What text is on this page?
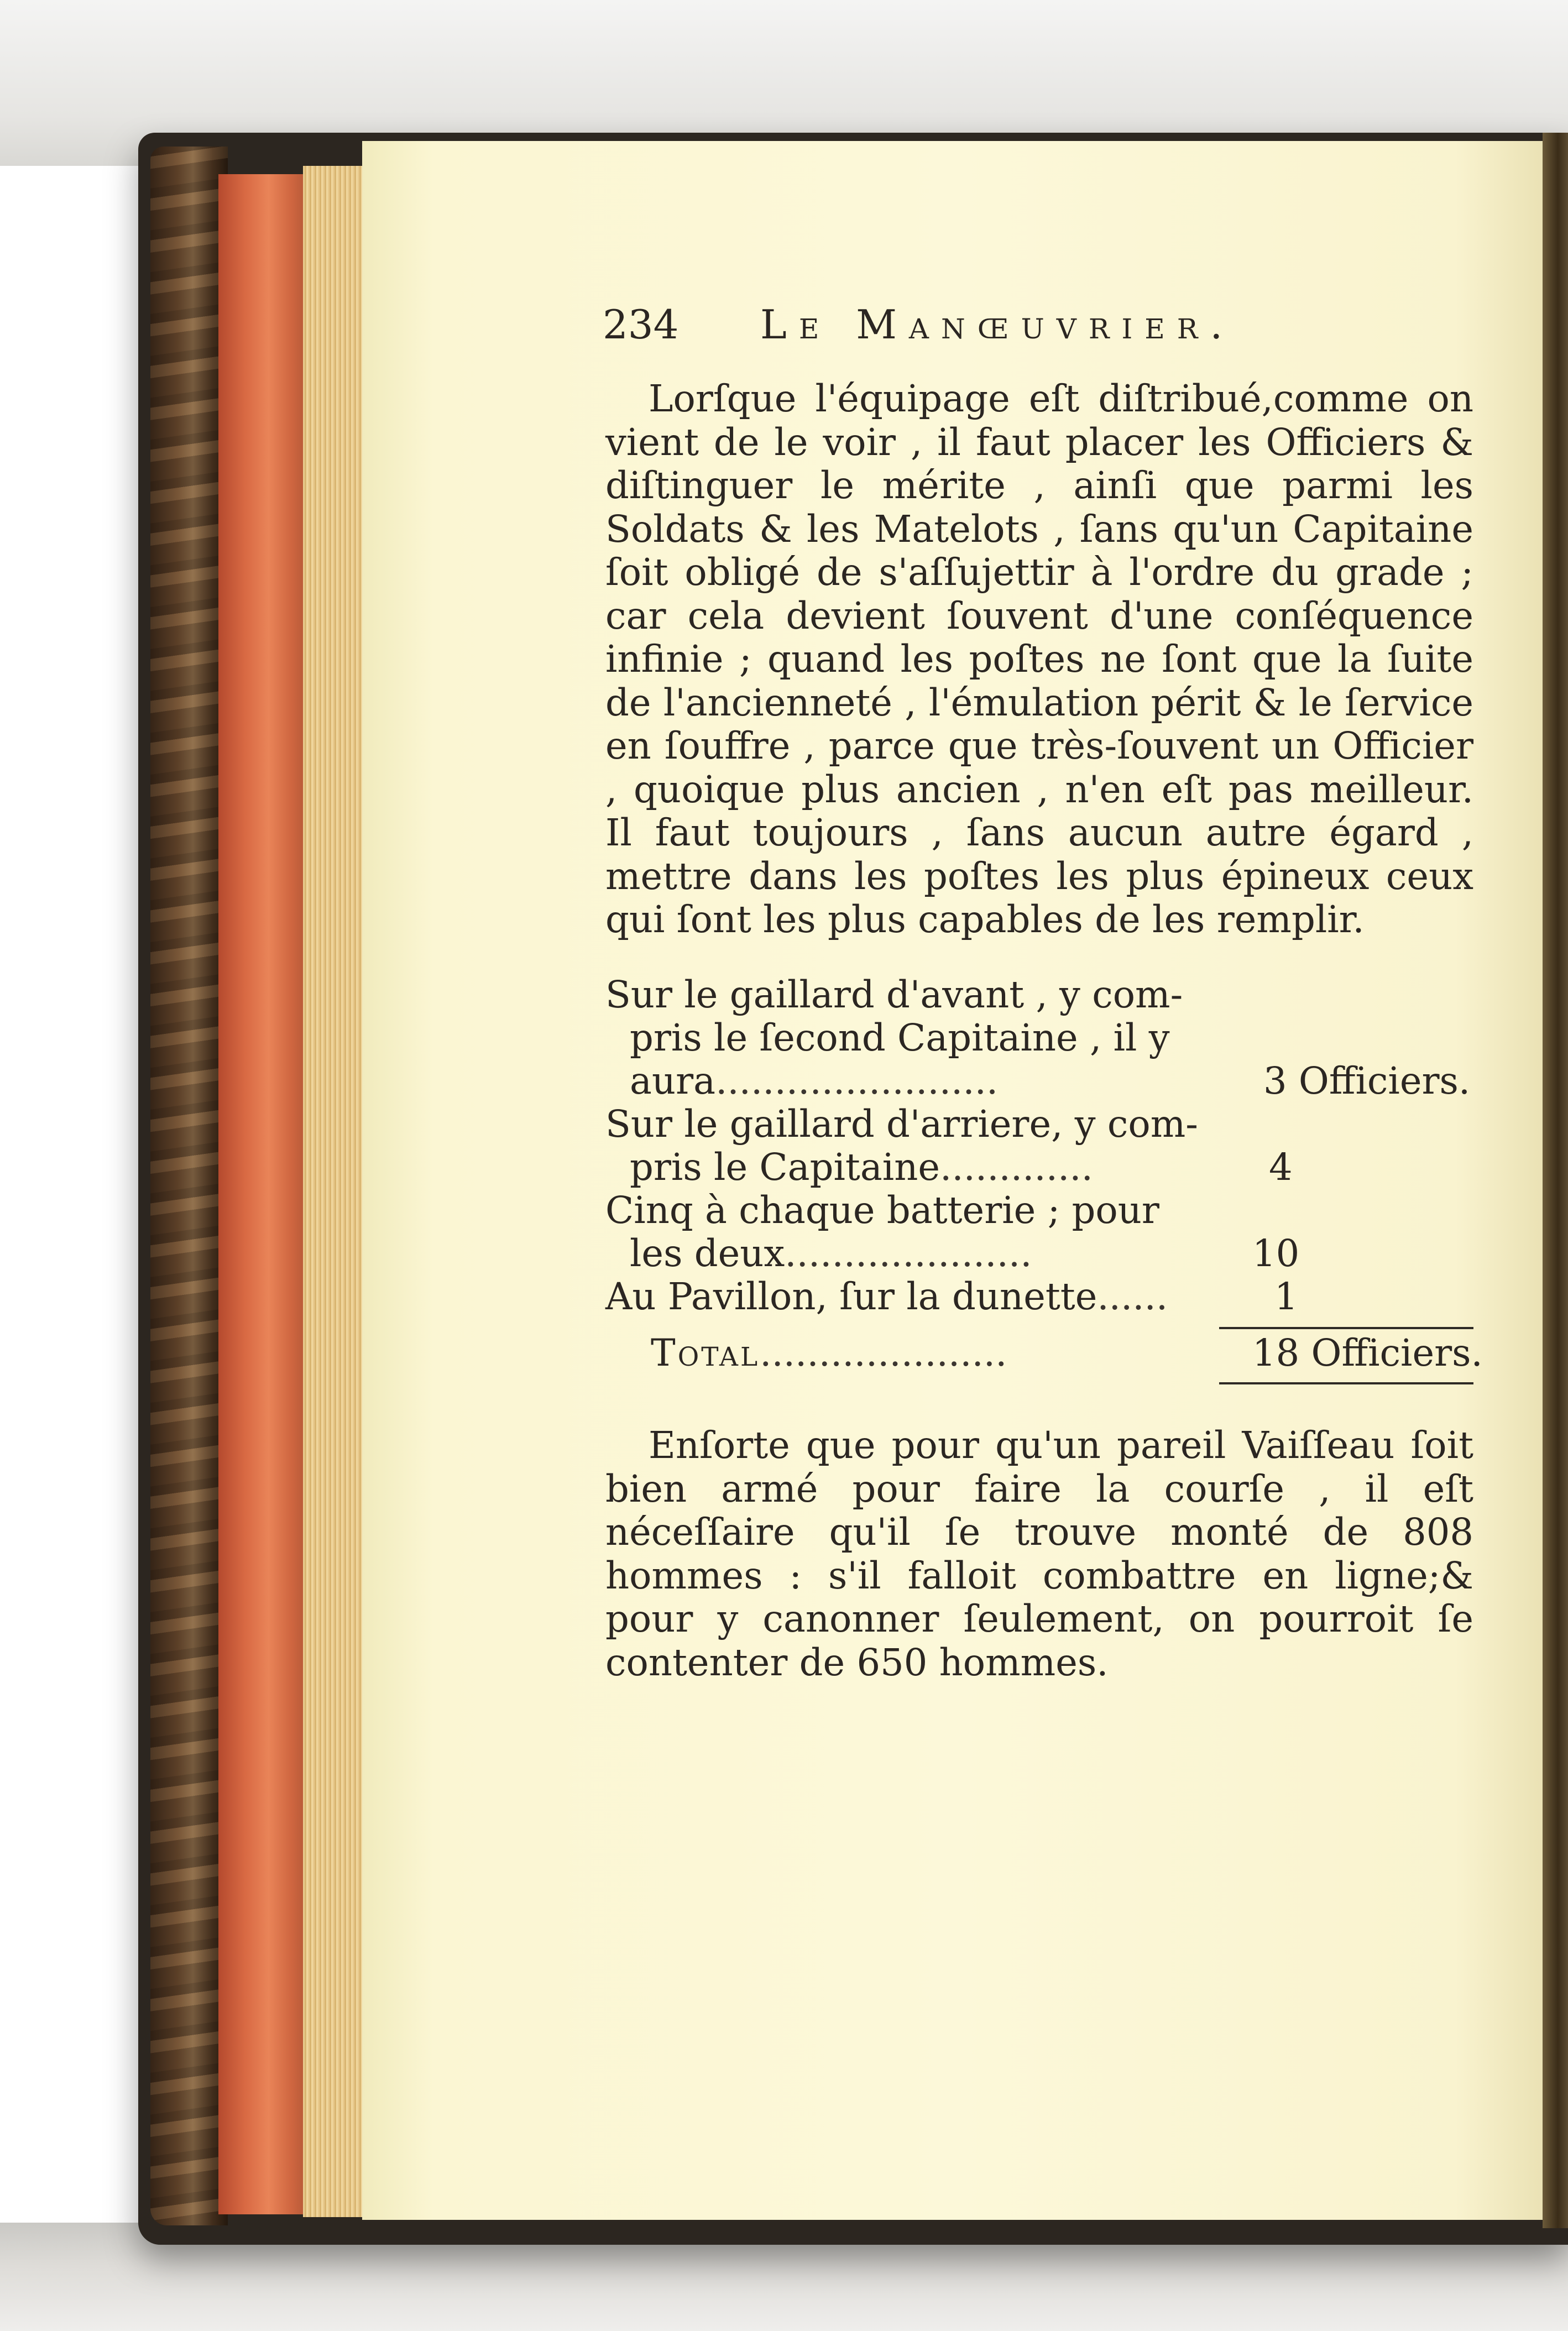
234 Le Manœuvrier.
Lorſque l'équipage eſt diſtribué,comme on vient de le voir , il faut placer les Officiers & diſtinguer le mérite , ainſi que parmi les Soldats & les Matelots , ſans qu'un Capitaine ſoit obligé de s'aſſujettir à l'ordre du grade ; car cela devient ſouvent d'une conſéquence infinie ; quand les poſtes ne ſont que la ſuite de l'ancienneté , l'émulation périt & le ſervice en ſouffre , parce que très-ſouvent un Officier , quoique plus ancien , n'en eſt pas meilleur. Il faut toujours , ſans aucun autre égard , mettre dans les poſtes les plus épineux ceux qui ſont les plus capables de les remplir.
Sur le gaillard d'avant , y com-
pris le ſecond Capitaine , il y
aura........................	3 Officiers.
Sur le gaillard d'arriere, y com-
pris le Capitaine.............	4
Cinq à chaque batterie ; pour
les deux.....................	10
Au Pavillon, ſur la dunette......	1
Total.....................	18 Officiers.
Enſorte que pour qu'un pareil Vaiſſeau ſoit bien armé pour faire la courſe , il eſt néceſſaire qu'il ſe trouve monté de 808 hommes : s'il falloit combattre en ligne;& pour y canonner ſeulement, on pourroit ſe contenter de 650 hommes.
